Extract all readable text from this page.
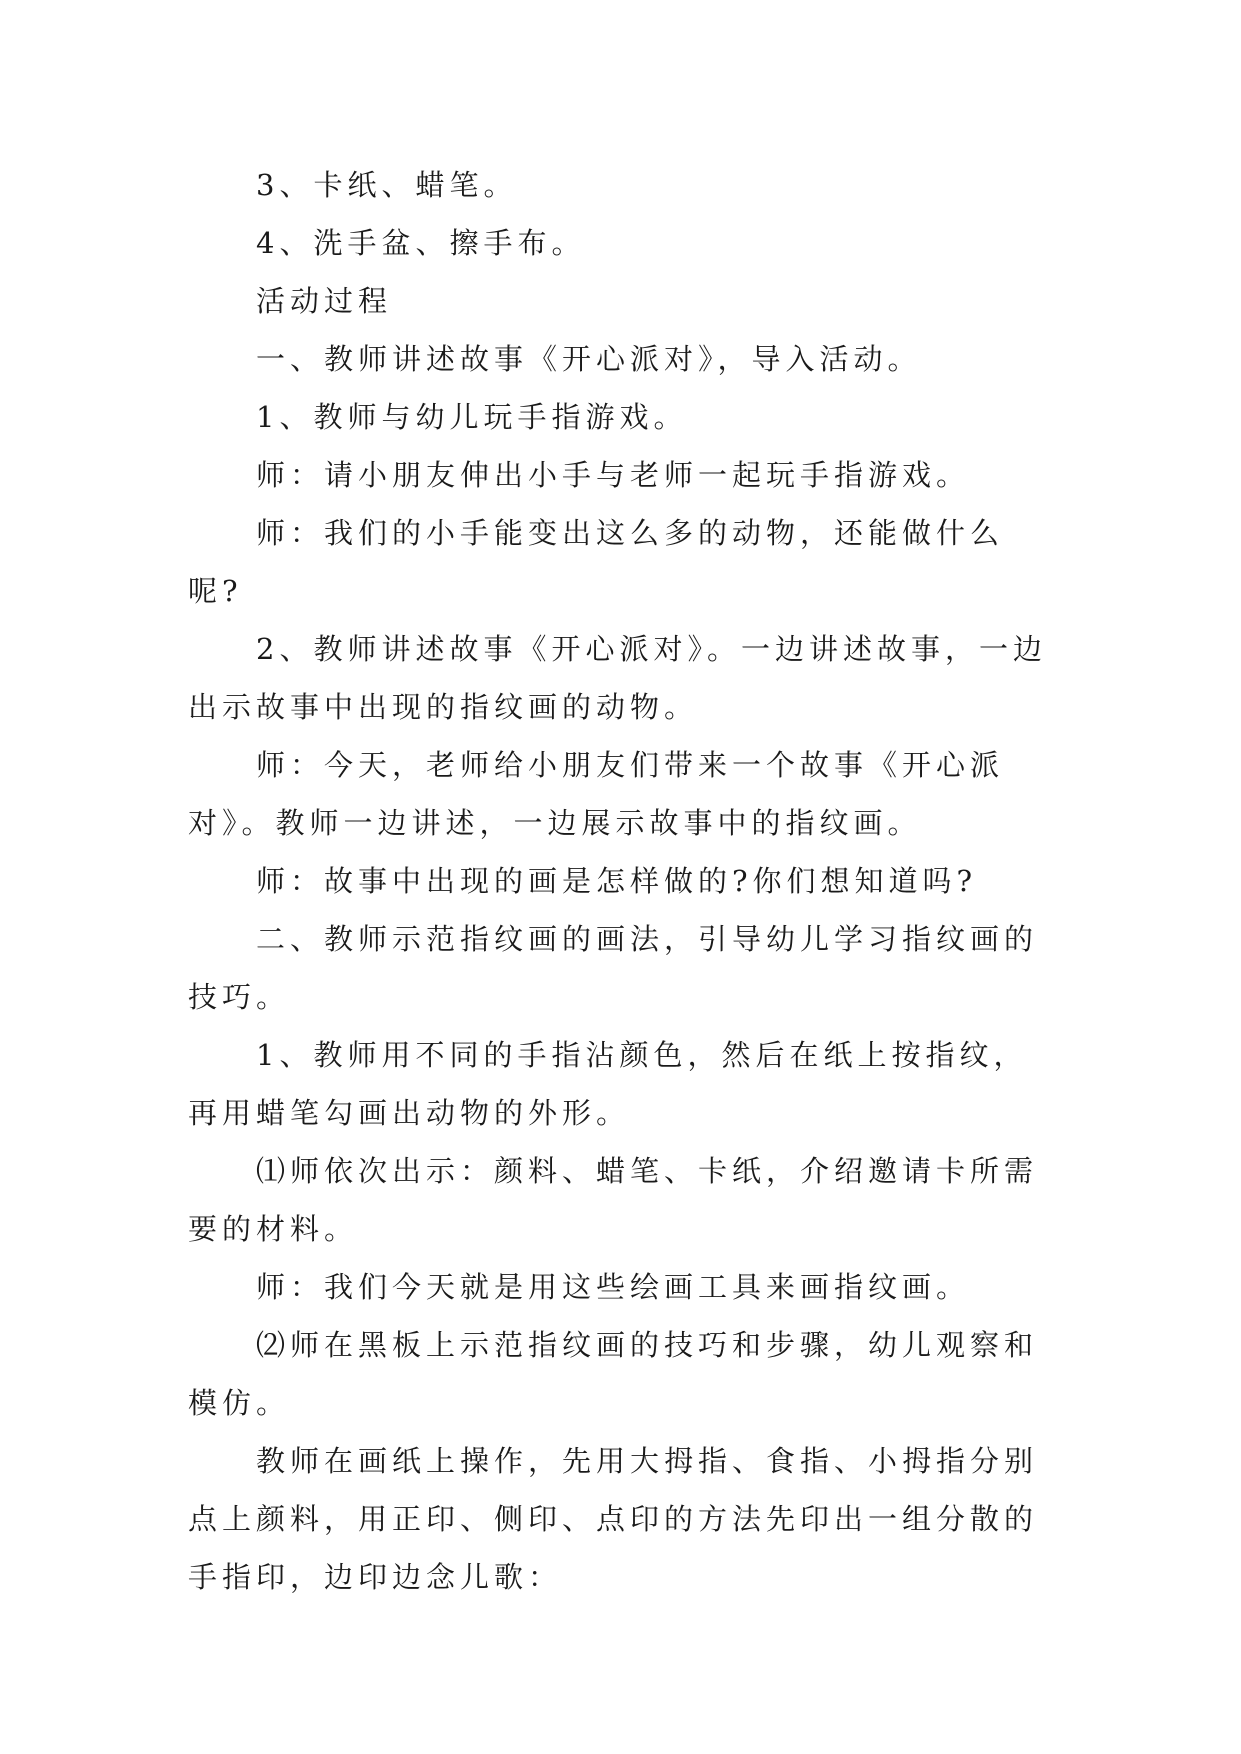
3、卡纸、蜡笔。

4、洗手盆、擦手布。

活动过程

一、教师讲述故事《开心派对》，导入活动。

1、教师与幼儿玩手指游戏。

师：请小朋友伸出小手与老师一起玩手指游戏。

师：我们的小手能变出这么多的动物，还能做什么呢?

2、教师讲述故事《开心派对》。一边讲述故事，一边出示故事中出现的指纹画的动物。

师：今天，老师给小朋友们带来一个故事《开心派对》。教师一边讲述，一边展示故事中的指纹画。

师：故事中出现的画是怎样做的?你们想知道吗?

二、教师示范指纹画的画法，引导幼儿学习指纹画的技巧。

1、教师用不同的手指沾颜色，然后在纸上按指纹，再用蜡笔勾画出动物的外形。

⑴师依次出示：颜料、蜡笔、卡纸，介绍邀请卡所需要的材料。

师：我们今天就是用这些绘画工具来画指纹画。

⑵师在黑板上示范指纹画的技巧和步骤，幼儿观察和模仿。

教师在画纸上操作，先用大拇指、食指、小拇指分别点上颜料，用正印、侧印、点印的方法先印出一组分散的手指印，边印边念儿歌：
